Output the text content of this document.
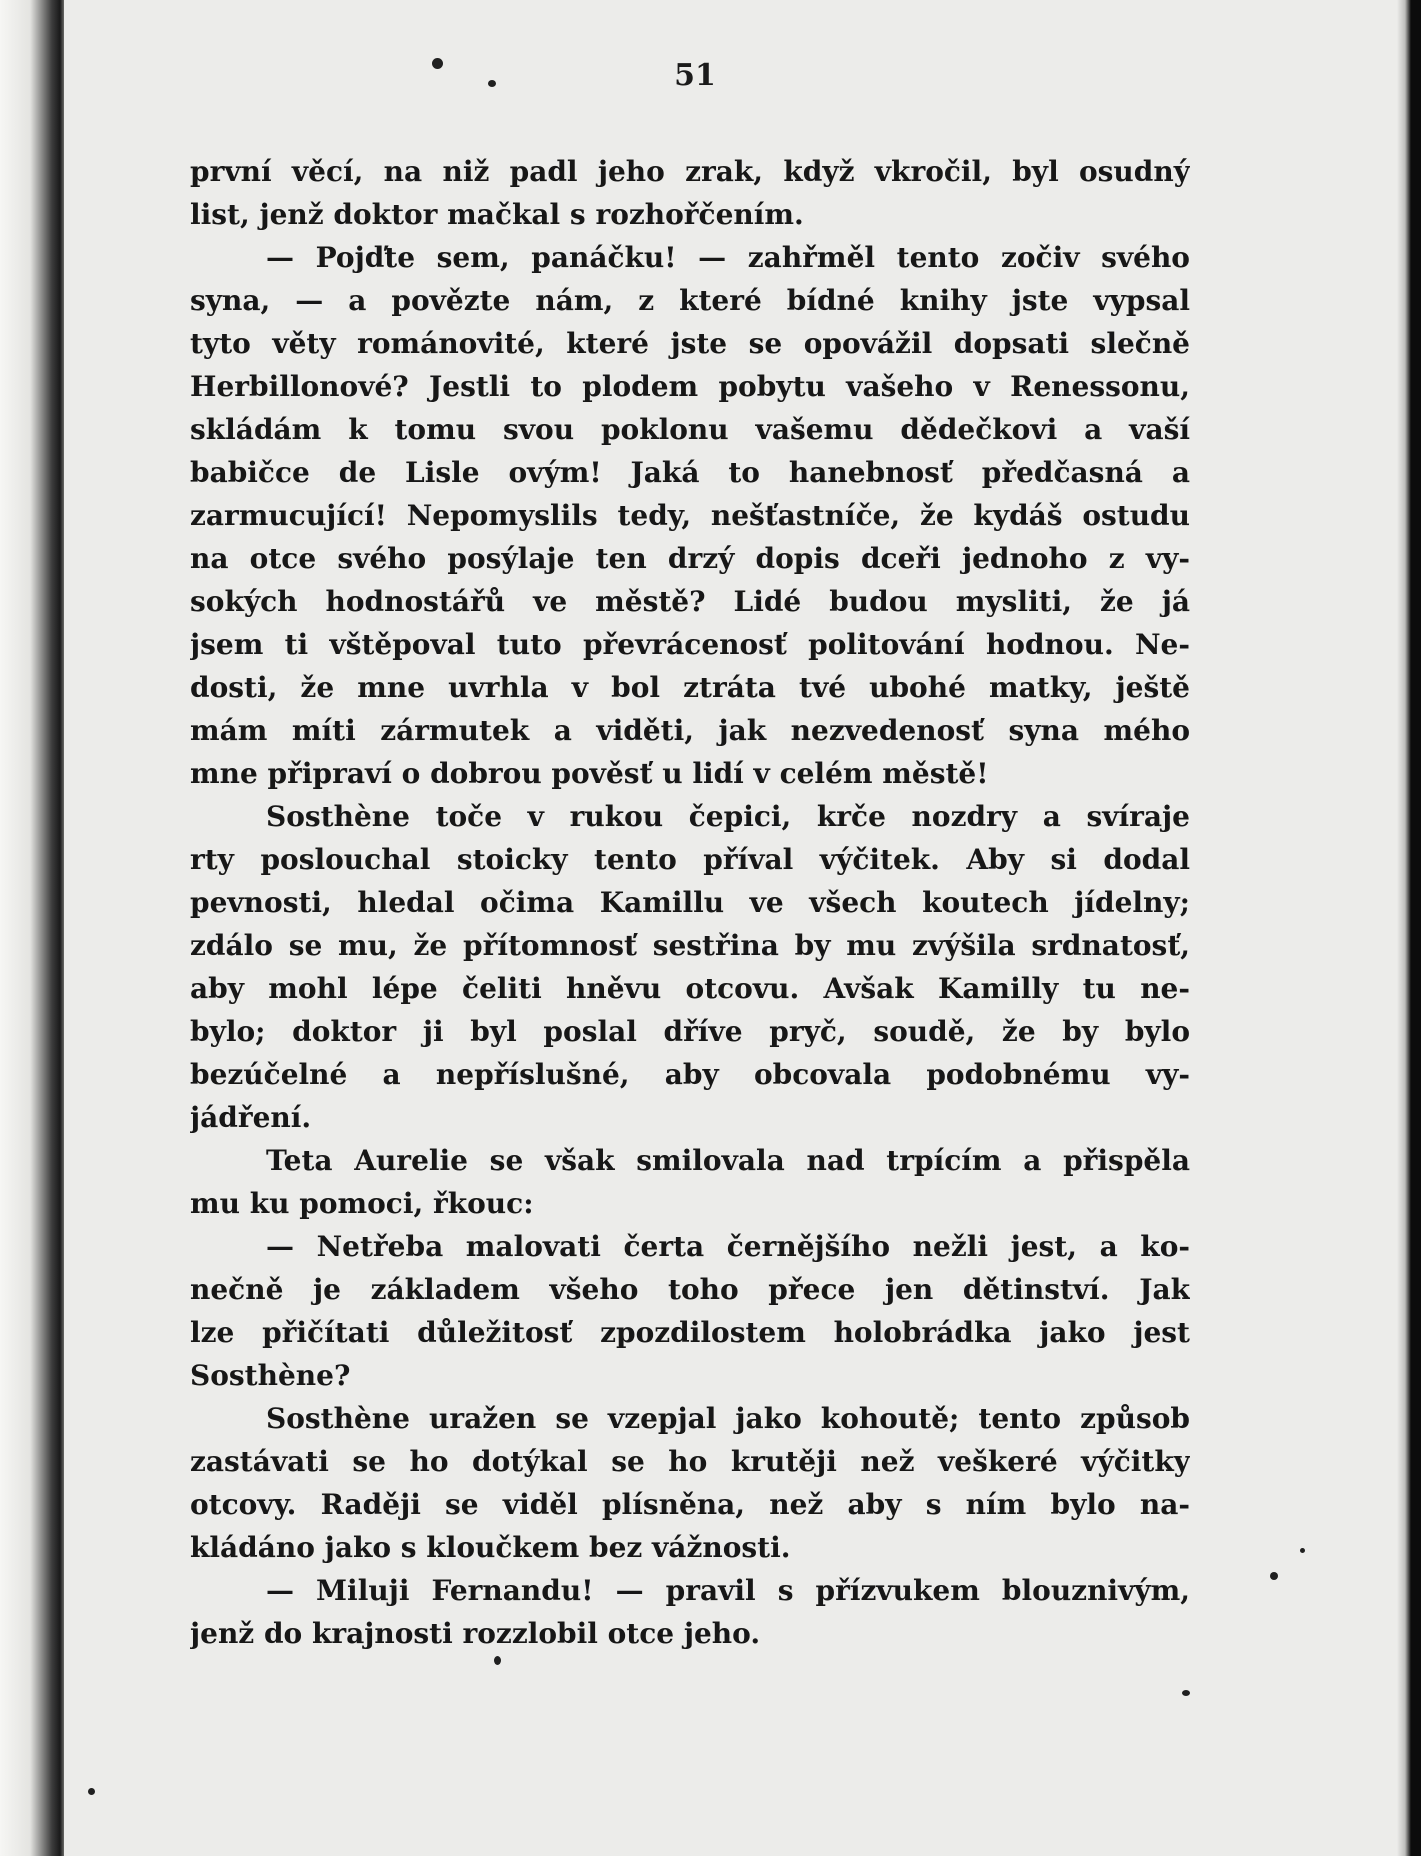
51
první věcí, na niž padl jeho zrak, když vkročil, byl osudný
list, jenž doktor mačkal s rozhořčením.
— Pojďte sem, panáčku! — zahřměl tento zočiv svého
syna, — a povězte nám, z které bídné knihy jste vypsal
tyto věty románovité, které jste se opovážil dopsati slečně
Herbillonové? Jestli to plodem pobytu vašeho v Renessonu,
skládám k tomu svou poklonu vašemu dědečkovi a vaší
babičce de Lisle ovým! Jaká to hanebnosť předčasná a
zarmucující! Nepomyslils tedy, nešťastníče, že kydáš ostudu
na otce svého posýlaje ten drzý dopis dceři jednoho z vy-
sokých hodnostářů ve městě? Lidé budou mysliti, že já
jsem ti vštěpoval tuto převrácenosť politování hodnou. Ne-
dosti, že mne uvrhla v bol ztráta tvé ubohé matky, ještě
mám míti zármutek a viděti, jak nezvedenosť syna mého
mne připraví o dobrou pověsť u lidí v celém městě!
Sosthène toče v rukou čepici, krče nozdry a svíraje
rty poslouchal stoicky tento příval výčitek. Aby si dodal
pevnosti, hledal očima Kamillu ve všech koutech jídelny;
zdálo se mu, že přítomnosť sestřina by mu zvýšila srdnatosť,
aby mohl lépe čeliti hněvu otcovu. Avšak Kamilly tu ne-
bylo; doktor ji byl poslal dříve pryč, soudě, že by bylo
bezúčelné a nepříslušné, aby obcovala podobnému vy-
jádření.
Teta Aurelie se však smilovala nad trpícím a přispěla
mu ku pomoci, řkouc:
— Netřeba malovati čerta černějšího nežli jest, a ko-
nečně je základem všeho toho přece jen dětinství. Jak
lze přičítati důležitosť zpozdilostem holobrádka jako jest
Sosthène?
Sosthène uražen se vzepjal jako kohoutě; tento způsob
zastávati se ho dotýkal se ho krutěji než veškeré výčitky
otcovy. Raději se viděl plísněna, než aby s ním bylo na-
kládáno jako s kloučkem bez vážnosti.
— Miluji Fernandu! — pravil s přízvukem blouznivým,
jenž do krajnosti rozzlobil otce jeho.
